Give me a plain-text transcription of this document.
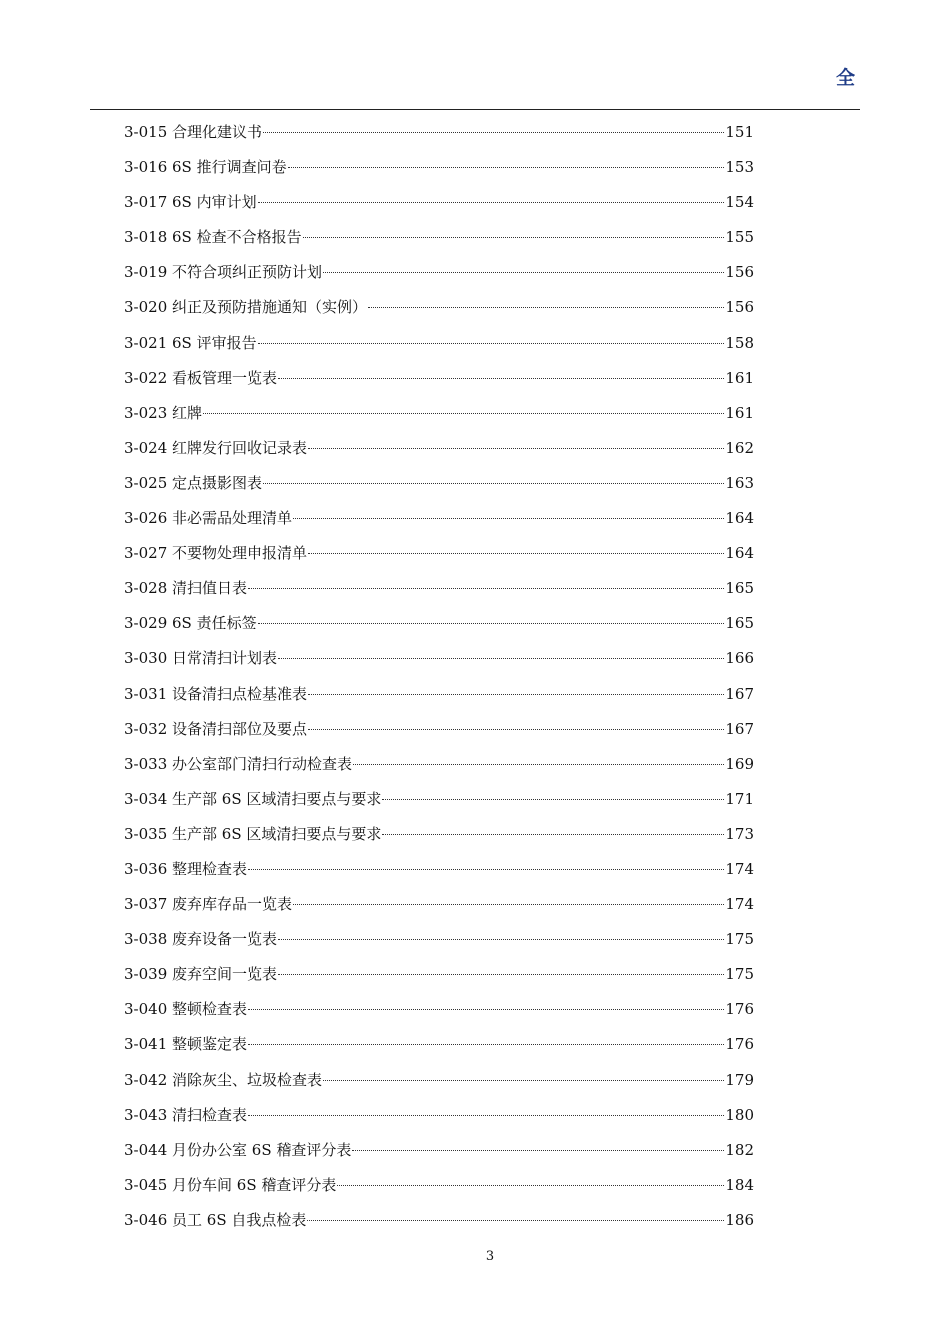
全
3-015 合理化建议书	151
3-016 6S 推行调查问卷	153
3-017 6S 内审计划	154
3-018 6S 检查不合格报告	155
3-019 不符合项纠正预防计划	156
3-020 纠正及预防措施通知（实例）	156
3-021 6S 评审报告	158
3-022 看板管理一览表	161
3-023 红牌	161
3-024 红牌发行回收记录表	162
3-025 定点摄影图表	163
3-026 非必需品处理清单	164
3-027 不要物处理申报清单	164
3-028 清扫值日表	165
3-029 6S 责任标签	165
3-030 日常清扫计划表	166
3-031 设备清扫点检基准表	167
3-032 设备清扫部位及要点	167
3-033 办公室部门清扫行动检查表	169
3-034 生产部 6S 区域清扫要点与要求	171
3-035 生产部 6S 区域清扫要点与要求	173
3-036 整理检查表	174
3-037 废弃库存品一览表	174
3-038 废弃设备一览表	175
3-039 废弃空间一览表	175
3-040 整顿检查表	176
3-041 整顿鉴定表	176
3-042 消除灰尘、垃圾检查表	179
3-043 清扫检查表	180
3-044 月份办公室 6S 稽查评分表	182
3-045 月份车间 6S 稽查评分表	184
3-046 员工 6S 自我点检表	186
3
